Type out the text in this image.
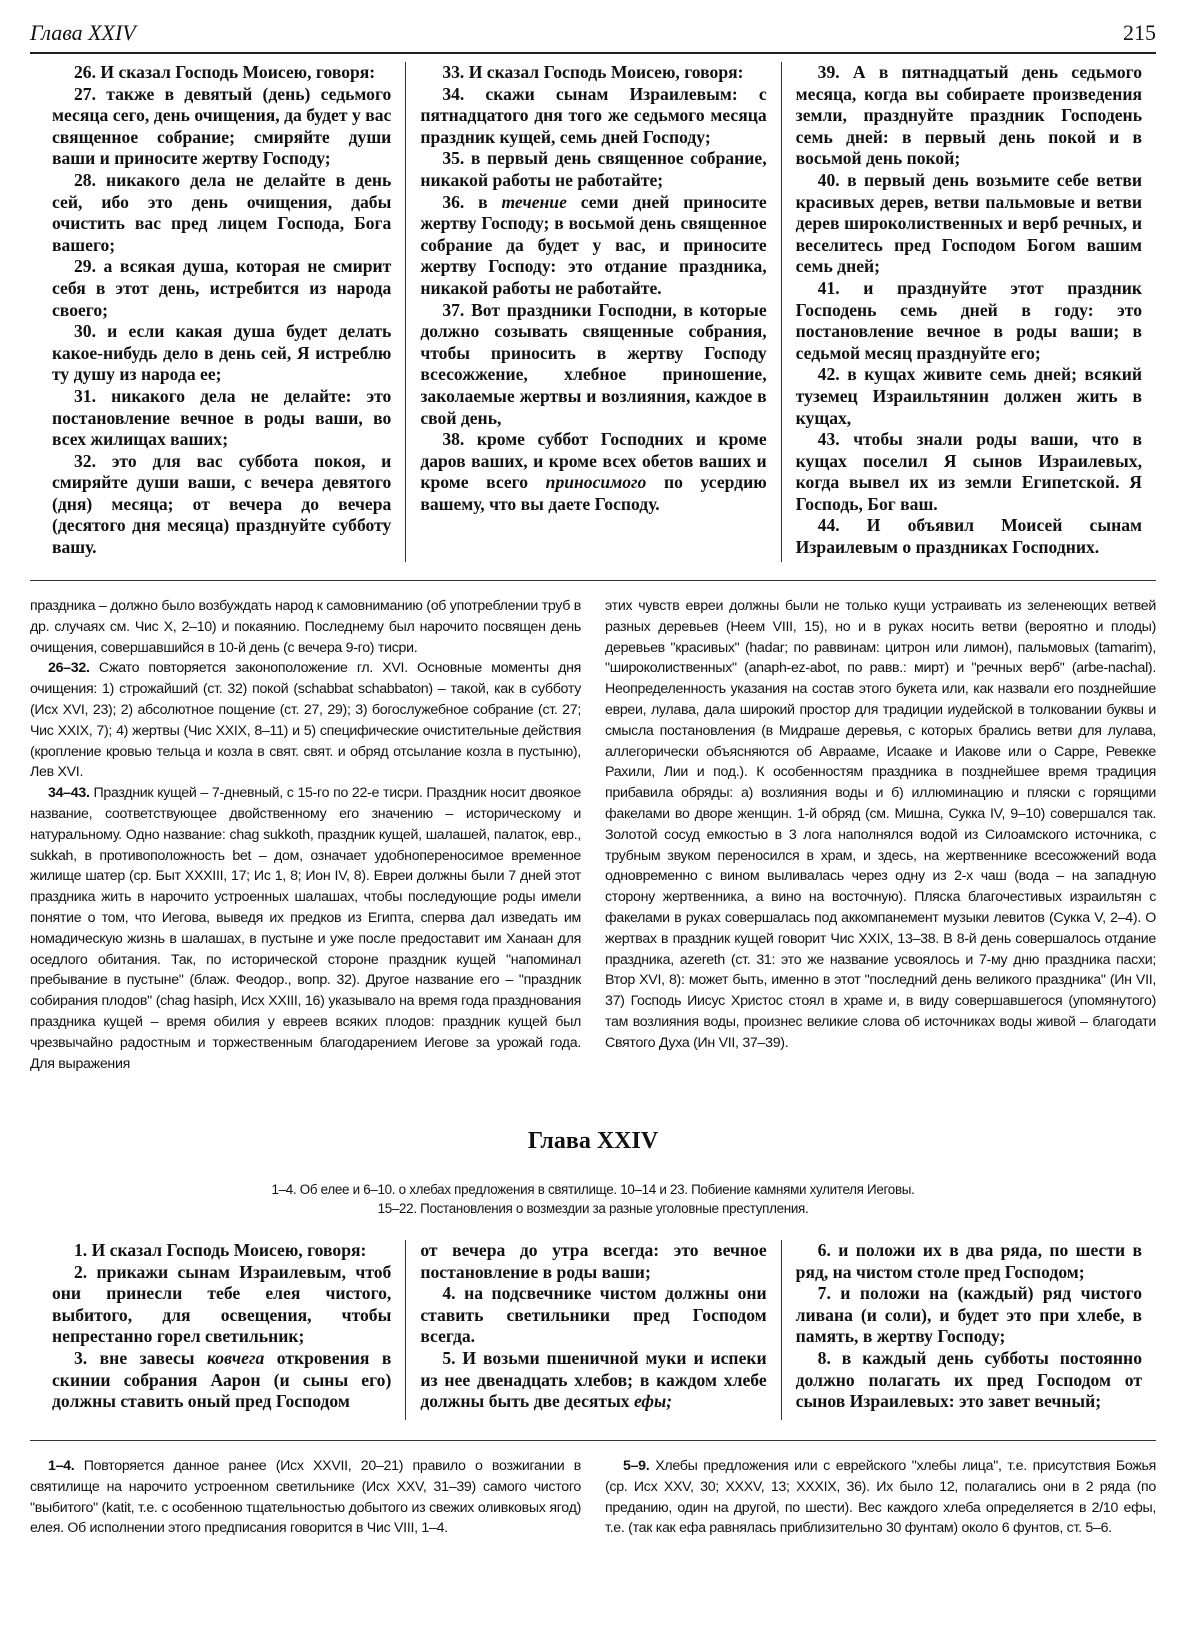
Глава XXIV	215

26. И сказал Господь Моисею, говоря:

27. также в девятый (день) седьмого месяца сего, день очищения, да будет у вас священное собрание; смиряйте души ваши и приносите жертву Господу;

28. никакого дела не делайте в день сей, ибо это день очищения, дабы очистить вас пред лицем Господа, Бога вашего;

29. а всякая душа, которая не смирит себя в этот день, истребится из народа своего;

30. и если какая душа будет делать какое-нибудь дело в день сей, Я истреблю ту душу из народа ее;

31. никакого дела не делайте: это постановление вечное в роды ваши, во всех жилищах ваших;

32. это для вас суббота покоя, и смиряйте души ваши, с вечера девятого (дня) месяца; от вечера до вечера (десятого дня месяца) празднуйте субботу вашу.

33. И сказал Господь Моисею, говоря:

34. скажи сынам Израилевым: с пятнадцатого дня того же седьмого месяца праздник кущей, семь дней Господу;

35. в первый день священное собрание, никакой работы не работайте;

36. в течение семи дней приносите жертву Господу; в восьмой день священное собрание да будет у вас, и приносите жертву Господу: это отдание праздника, никакой работы не работайте.

37. Вот праздники Господни, в которые должно созывать священные собрания, чтобы приносить в жертву Господу всесожжение, хлебное приношение, заколаемые жертвы и возлияния, каждое в свой день,

38. кроме суббот Господних и кроме даров ваших, и кроме всех обетов ваших и кроме всего приносимого по усердию вашему, что вы даете Господу.

39. А в пятнадцатый день седьмого месяца, когда вы собираете произведения земли, празднуйте праздник Господень семь дней: в первый день покой и в восьмой день покой;

40. в первый день возьмите себе ветви красивых дерев, ветви пальмовые и ветви дерев широколиственных и верб речных, и веселитесь пред Господом Богом вашим семь дней;

41. и празднуйте этот праздник Господень семь дней в году: это постановление вечное в роды ваши; в седьмой месяц празднуйте его;

42. в кущах живите семь дней; всякий туземец Израильтянин должен жить в кущах,

43. чтобы знали роды ваши, что в кущах поселил Я сынов Израилевых, когда вывел их из земли Египетской. Я Господь, Бог ваш.

44. И объявил Моисей сынам Израилевым о праздниках Господних.

праздника – должно было возбуждать народ к самовниманию (об употреблении труб в др. случаях см. Чис X, 2–10) и покаянию. Последнему был нарочито посвящен день очищения, совершавшийся в 10-й день (с вечера 9-го) тисри.

26–32. Сжато повторяется законоположение гл. XVI. Основные моменты дня очищения: 1) строжайший (ст. 32) покой (schabbat schabbaton) – такой, как в субботу (Исх XVI, 23); 2) абсолютное пощение (ст. 27, 29); 3) богослужебное собрание (ст. 27; Чис XXIX, 7); 4) жертвы (Чис XXIX, 8–11) и 5) специфические очистительные действия (кропление кровью тельца и козла в свят. свят. и обряд отсылание козла в пустыню), Лев XVI.

34–43. Праздник кущей – 7-дневный, с 15-го по 22-е тисри. Праздник носит двоякое название, соответствующее двойственному его значению – историческому и натуральному. Одно название: chag sukkoth, праздник кущей, шалашей, палаток, евр., sukkah, в противоположность bet – дом, означает удобнопереносимое временное жилище шатер (ср. Быт XXXIII, 17; Ис 1, 8; Ион IV, 8). Евреи должны были 7 дней этот праздника жить в нарочито устроенных шалашах, чтобы последующие роды имели понятие о том, что Иегова, выведя их предков из Египта, сперва дал изведать им номадическую жизнь в шалашах, в пустыне и уже после предоставит им Ханаан для оседлого обитания. Так, по исторической стороне праздник кущей "напоминал пребывание в пустыне" (блаж. Феодор., вопр. 32). Другое название его – "праздник собирания плодов" (chag hasiph, Исх XXIII, 16) указывало на время года празднования праздника кущей – время обилия у евреев всяких плодов: праздник кущей был чрезвычайно радостным и торжественным благодарением Иегове за урожай года. Для выражения

этих чувств евреи должны были не только кущи устраивать из зеленеющих ветвей разных деревьев (Неем VIII, 15), но и в руках носить ветви (вероятно и плоды) деревьев "красивых" (hadar; по раввинам: цитрон или лимон), пальмовых (tamarim), "широколиственных" (anaph-ez-abot, по равв.: мирт) и "речных верб" (arbe-nachal). Неопределенность указания на состав этого букета или, как назвали его позднейшие евреи, лулава, дала широкий простор для традиции иудейской в толковании буквы и смысла постановления (в Мидраше деревья, с которых брались ветви для лулава, аллегорически объясняются об Аврааме, Исааке и Иакове или о Сарре, Ревекке Рахили, Лии и под.). К особенностям праздника в позднейшее время традиция прибавила обряды: а) возлияния воды и б) иллюминацию и пляски с горящими факелами во дворе женщин. 1-й обряд (см. Мишна, Сукка IV, 9–10) совершался так. Золотой сосуд емкостью в 3 лога наполнялся водой из Силоамского источника, с трубным звуком переносился в храм, и здесь, на жертвеннике всесожжений вода одновременно с вином выливалась через одну из 2-х чаш (вода – на западную сторону жертвенника, а вино на восточную). Пляска благочестивых израильтян с факелами в руках совершалась под аккомпанемент музыки левитов (Сукка V, 2–4). О жертвах в праздник кущей говорит Чис XXIX, 13–38. В 8-й день совершалось отдание праздника, azereth (ст. 31: это же название усвоялось и 7-му дню праздника пасхи; Втор XVI, 8): может быть, именно в этот "последний день великого праздника" (Ин VII, 37) Господь Иисус Христос стоял в храме и, в виду совершавшегося (упомянутого) там возлияния воды, произнес великие слова об источниках воды живой – благодати Святого Духа (Ин VII, 37–39).

Глава XXIV
1–4. Об елее и 6–10. о хлебах предложения в святилище. 10–14 и 23. Побиение камнями хулителя Иеговы.
15–22. Постановления о возмездии за разные уголовные преступления.

1. И сказал Господь Моисею, говоря:

2. прикажи сынам Израилевым, чтоб они принесли тебе елея чистого, выбитого, для освещения, чтобы непрестанно горел светильник;

3. вне завесы ковчега откровения в скинии собрания Аарон (и сыны его) должны ставить оный пред Господом

от вечера до утра всегда: это вечное постановление в роды ваши;

4. на подсвечнике чистом должны они ставить светильники пред Господом всегда.

5. И возьми пшеничной муки и испеки из нее двенадцать хлебов; в каждом хлебе должны быть две десятых ефы;

6. и положи их в два ряда, по шести в ряд, на чистом столе пред Господом;

7. и положи на (каждый) ряд чистого ливана (и соли), и будет это при хлебе, в память, в жертву Господу;

8. в каждый день субботы постоянно должно полагать их пред Господом от сынов Израилевых: это завет вечный;

1–4. Повторяется данное ранее (Исх XXVII, 20–21) правило о возжигании в святилище на нарочито устроенном светильнике (Исх XXV, 31–39) самого чистого "выбитого" (katit, т.е. с особенною тщательностью добытого из свежих оливковых ягод) елея. Об исполнении этого предписания говорится в Чис VIII, 1–4.

5–9. Хлебы предложения или с еврейского "хлебы лица", т.е. присутствия Божья (ср. Исх XXV, 30; XXXV, 13; XXXIX, 36). Их было 12, полагались они в 2 ряда (по преданию, один на другой, по шести). Вес каждого хлеба определяется в 2/10 ефы, т.е. (так как ефа равнялась приблизительно 30 фунтам) около 6 фунтов, ст. 5–6.
